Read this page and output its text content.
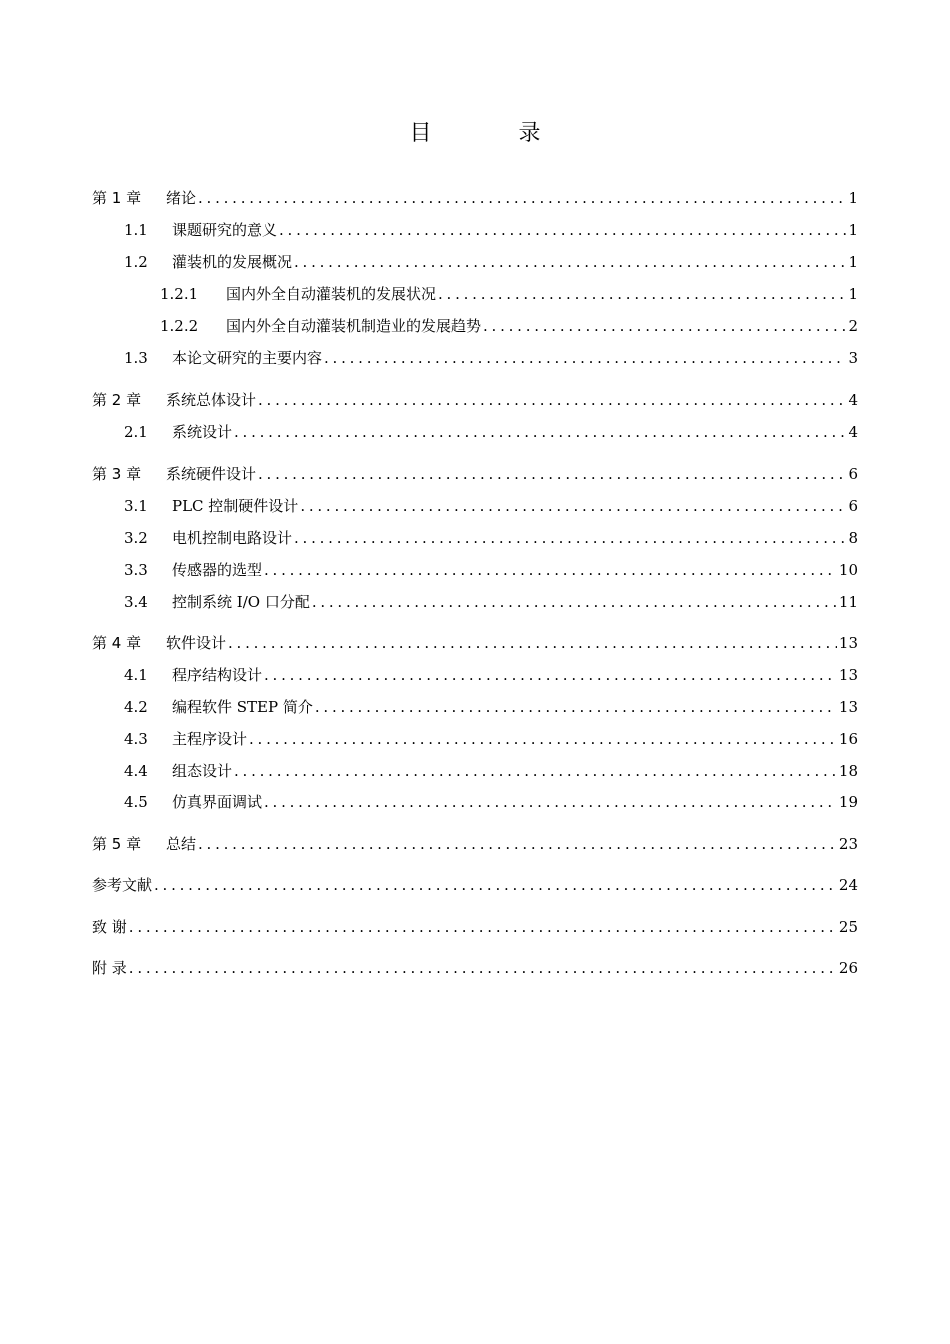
目 录
第 1 章	绪论 . . .	1
1.1	课题研究的意义 . . .	1
1.2	灌装机的发展概况 . . .	1
1.2.1	国内外全自动灌装机的发展状况 . . .	1
1.2.2	国内外全自动灌装机制造业的发展趋势 . . .	2
1.3	本论文研究的主要内容 . . .	3
第 2 章	系统总体设计 . . .	4
2.1	系统设计 . . .	4
第 3 章	系统硬件设计 . . .	6
3.1	PLC 控制硬件设计 . . .	6
3.2	电机控制电路设计 . . .	8
3.3	传感器的选型 . . .	10
3.4	控制系统 I/O 口分配 . . .	11
第 4 章	软件设计 . . .	13
4.1	程序结构设计 . . .	13
4.2	编程软件 STEP 简介 . . .	13
4.3	主程序设计 . . .	16
4.4	组态设计 . . .	18
4.5	仿真界面调试 . . .	19
第 5 章	总结 . . .	23
参考文献 . . .	24
致 谢 . . .	25
附 录 . . .	26
